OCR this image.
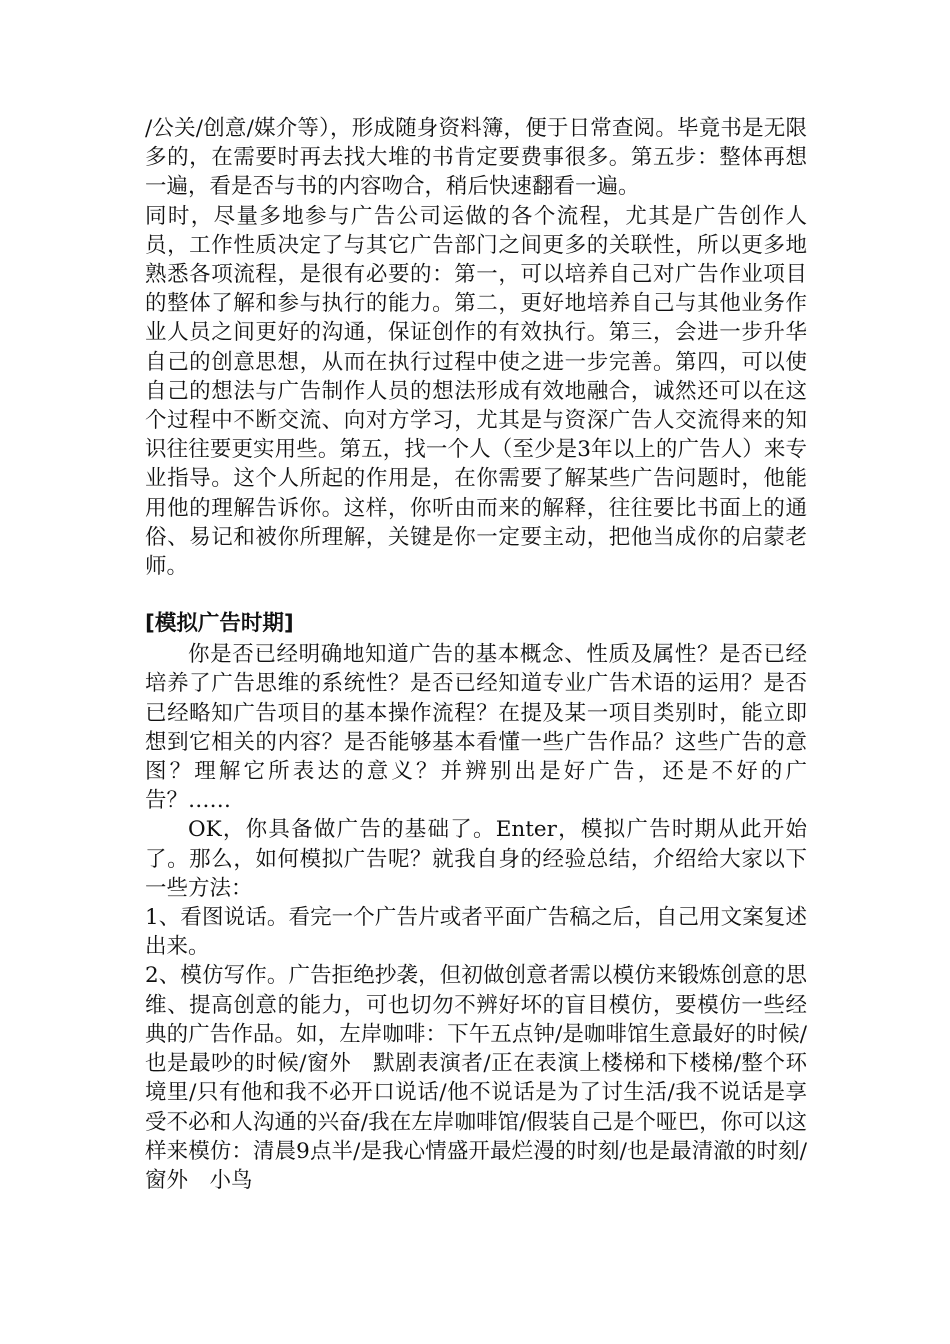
/公关/创意/媒介等），形成随身资料簿，便于日常查阅。毕竟书是无限多的，在需要时再去找大堆的书肯定要费事很多。第五步：整体再想一遍，看是否与书的内容吻合，稍后快速翻看一遍。

同时，尽量多地参与广告公司运做的各个流程，尤其是广告创作人员，工作性质决定了与其它广告部门之间更多的关联性，所以更多地熟悉各项流程，是很有必要的：第一，可以培养自己对广告作业项目的整体了解和参与执行的能力。第二，更好地培养自己与其他业务作业人员之间更好的沟通，保证创作的有效执行。第三，会进一步升华自己的创意思想，从而在执行过程中使之进一步完善。第四，可以使自己的想法与广告制作人员的想法形成有效地融合，诚然还可以在这个过程中不断交流、向对方学习，尤其是与资深广告人交流得来的知识往往要更实用些。第五，找一个人（至少是3年以上的广告人）来专业指导。这个人所起的作用是，在你需要了解某些广告问题时，他能用他的理解告诉你。这样，你听由而来的解释，往往要比书面上的通俗、易记和被你所理解，关键是你一定要主动，把他当成你的启蒙老师。

[模拟广告时期]

你是否已经明确地知道广告的基本概念、性质及属性？是否已经培养了广告思维的系统性？是否已经知道专业广告术语的运用？是否已经略知广告项目的基本操作流程？在提及某一项目类别时，能立即想到它相关的内容？是否能够基本看懂一些广告作品？这些广告的意图？理解它所表达的意义？并辨别出是好广告，还是不好的广告？……

OK，你具备做广告的基础了。Enter，模拟广告时期从此开始了。那么，如何模拟广告呢？就我自身的经验总结，介绍给大家以下一些方法：

1、看图说话。看完一个广告片或者平面广告稿之后，自己用文案复述出来。

2、模仿写作。广告拒绝抄袭，但初做创意者需以模仿来锻炼创意的思维、提高创意的能力，可也切勿不辨好坏的盲目模仿，要模仿一些经典的广告作品。如，左岸咖啡：下午五点钟/是咖啡馆生意最好的时候/也是最吵的时候/窗外　默剧表演者/正在表演上楼梯和下楼梯/整个环境里/只有他和我不必开口说话/他不说话是为了讨生活/我不说话是享受不必和人沟通的兴奋/我在左岸咖啡馆/假装自己是个哑巴，你可以这样来模仿：清晨9点半/是我心情盛开最烂漫的时刻/也是最清澈的时刻/窗外　小鸟
